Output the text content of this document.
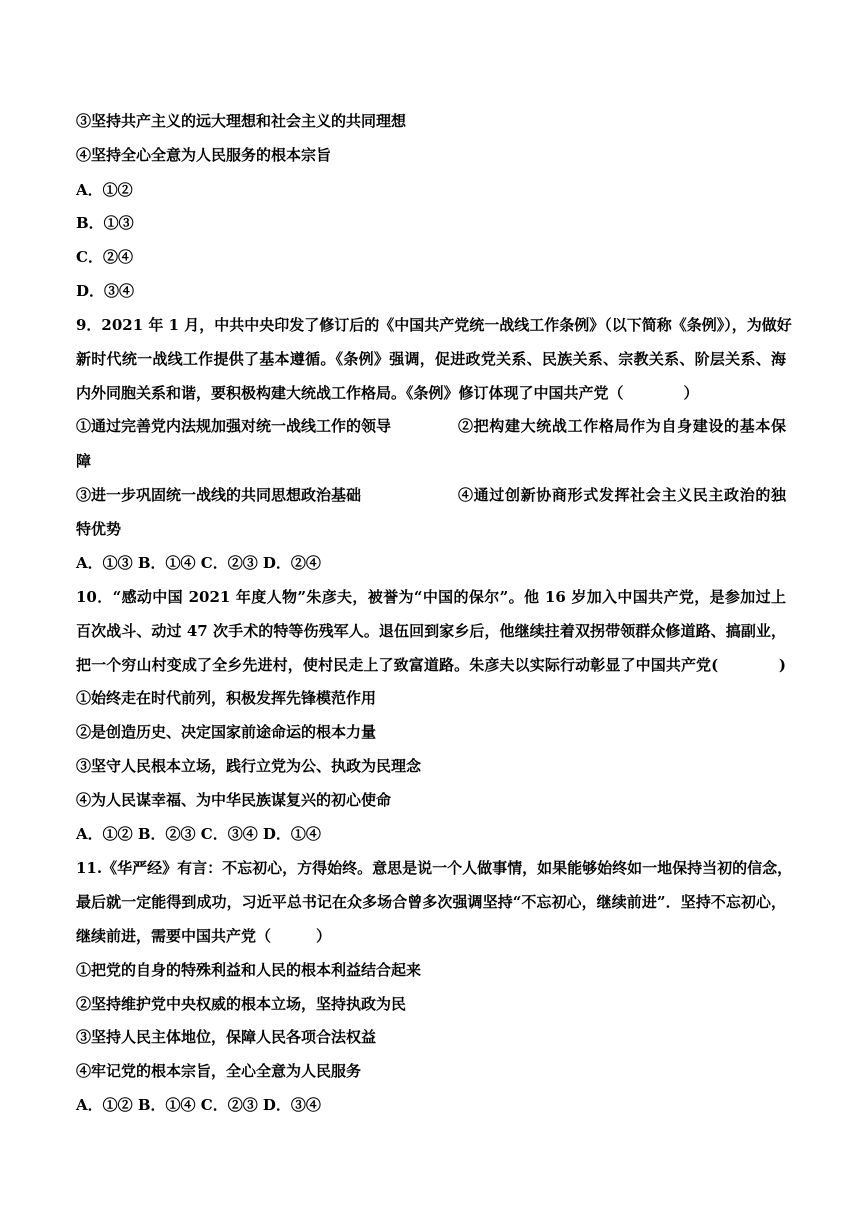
③坚持共产主义的远大理想和社会主义的共同理想
④坚持全心全意为人民服务的根本宗旨
A．①②
B．①③
C．②④
D．③④
9．2021 年 1 月，中共中央印发了修订后的《中国共产党统一战线工作条例》（以下简称《条例》），为做好
新时代统一战线工作提供了基本遵循。《条例》强调，促进政党关系、民族关系、宗教关系、阶层关系、海
内外同胞关系和谐，要积极构建大统战工作格局。《条例》修订体现了中国共产党（　　　　）
①通过完善党内法规加强对统一战线工作的领导	②把构建大统战工作格局作为自身建设的基本保
障
③进一步巩固统一战线的共同思想政治基础	④通过创新协商形式发挥社会主义民主政治的独
特优势
A．①③ B．①④ C．②③ D．②④
10．“感动中国 2021 年度人物”朱彦夫，被誉为“中国的保尔”。他 16 岁加入中国共产党，是参加过上
百次战斗、动过 47 次手术的特等伤残军人。退伍回到家乡后，他继续拄着双拐带领群众修道路、搞副业，
把一个穷山村变成了全乡先进村，使村民走上了致富道路。朱彦夫以实际行动彰显了中国共产党(　　　　)
①始终走在时代前列，积极发挥先锋模范作用
②是创造历史、决定国家前途命运的根本力量
③坚守人民根本立场，践行立党为公、执政为民理念
④为人民谋幸福、为中华民族谋复兴的初心使命
A．①② B．②③ C．③④ D．①④
11.《华严经》有言：不忘初心，方得始终。意思是说一个人做事情，如果能够始终如一地保持当初的信念，
最后就一定能得到成功，习近平总书记在众多场合曾多次强调坚持“不忘初心，继续前进”．坚持不忘初心，
继续前进，需要中国共产党（　　　）
①把党的自身的特殊利益和人民的根本利益结合起来
②坚持维护党中央权威的根本立场，坚持执政为民
③坚持人民主体地位，保障人民各项合法权益
④牢记党的根本宗旨，全心全意为人民服务
A．①② B．①④ C．②③ D．③④
